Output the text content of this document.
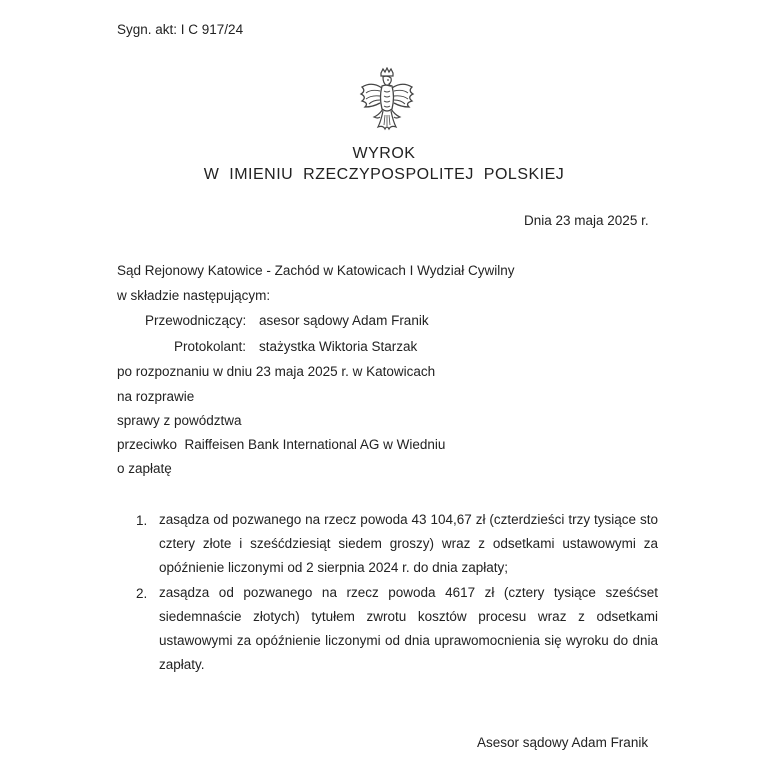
Sygn. akt: I C 917/24
WYROK
W IMIENIU RZECZYPOSPOLITEJ POLSKIEJ
Dnia 23 maja 2025 r.
Sąd Rejonowy Katowice - Zachód w Katowicach I Wydział Cywilny
w składzie następującym:
Przewodniczący: asesor sądowy Adam Franik
Protokolant: stażystka Wiktoria Starzak
po rozpoznaniu w dniu 23 maja 2025 r. w Katowicach
na rozprawie
sprawy z powództwa
przeciwko  Raiffeisen Bank International AG w Wiedniu
o zapłatę
1. zasądza od pozwanego na rzecz powoda 43 104,67 zł (czterdzieści trzy tysiące sto cztery złote i sześćdziesiąt siedem groszy) wraz z odsetkami ustawowymi za opóźnienie liczonymi od 2 sierpnia 2024 r. do dnia zapłaty;
2. zasądza od pozwanego na rzecz powoda 4617 zł (cztery tysiące sześćset siedemnaście złotych) tytułem zwrotu kosztów procesu wraz z odsetkami ustawowymi za opóźnienie liczonymi od dnia uprawomocnienia się wyroku do dnia zapłaty.
Asesor sądowy Adam Franik
